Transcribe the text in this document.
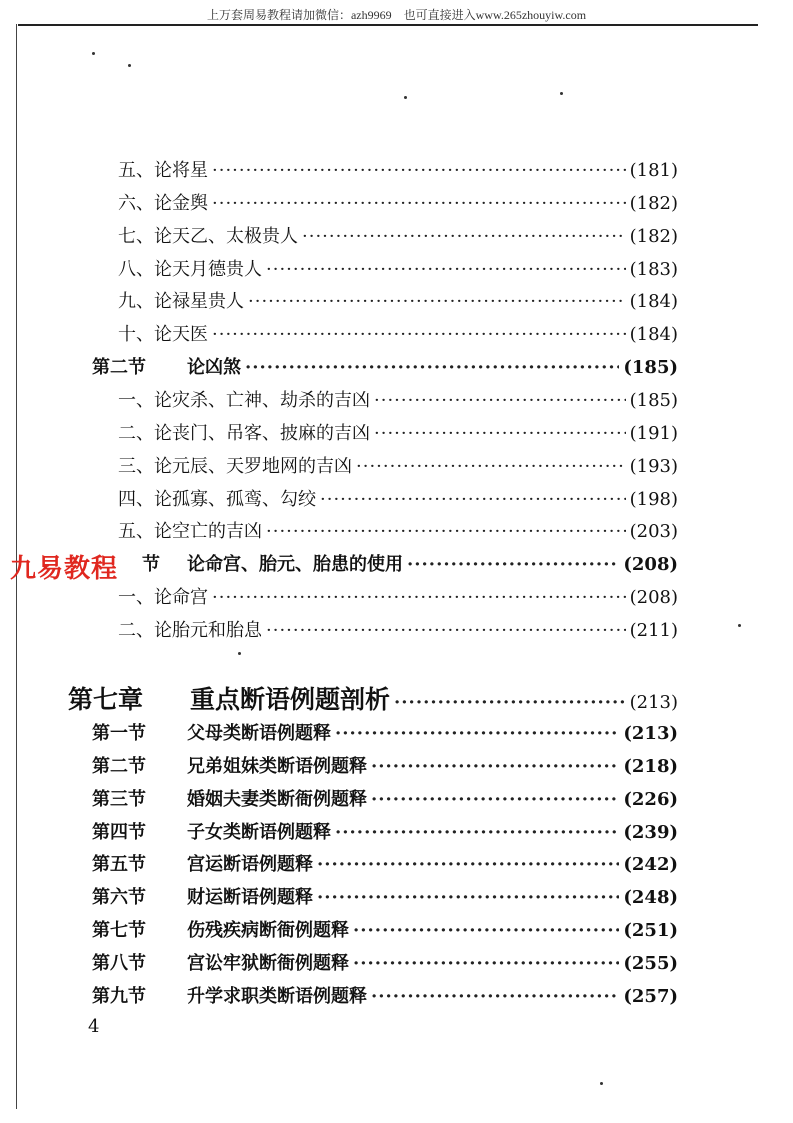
上万套周易教程请加微信：azh9969　也可直接进入www.265zhouyiw.com
五、论将星 ·····	(181)
六、论金舆 ·····	(182)
七、论天乙、太极贵人 ·····	(182)
八、论天月德贵人 ·····	(183)
九、论禄星贵人 ·····	(184)
十、论天医 ·····	(184)
第二节 论凶煞 ·····	(185)
一、论灾杀、亡神、劫杀的吉凶 ·····	(185)
二、论丧门、吊客、披麻的吉凶 ·····	(191)
三、论元辰、天罗地网的吉凶 ·····	(193)
四、论孤寡、孤鸾、勾绞 ·····	(198)
五、论空亡的吉凶 ·····	(203)
节 论命宫、胎元、胎患的使用 ·····	(208)
一、论命宫 ·····	(208)
二、论胎元和胎息 ·····	(211)
第七章 重点断语例题剖析 ·····	(213)
第一节 父母类断语例题释 ·····	(213)
第二节 兄弟姐妹类断语例题释 ·····	(218)
第三节 婚姻夫妻类断衙例题释 ·····	(226)
第四节 子女类断语例题释 ·····	(239)
第五节 宫运断语例题释 ·····	(242)
第六节 财运断语例题释 ·····	(248)
第七节 伤残疾病断衙例题释 ·····	(251)
第八节 宫讼牢狱断衙例题释 ·····	(255)
第九节 升学求职类断语例题释 ·····	(257)
九易教程
4
